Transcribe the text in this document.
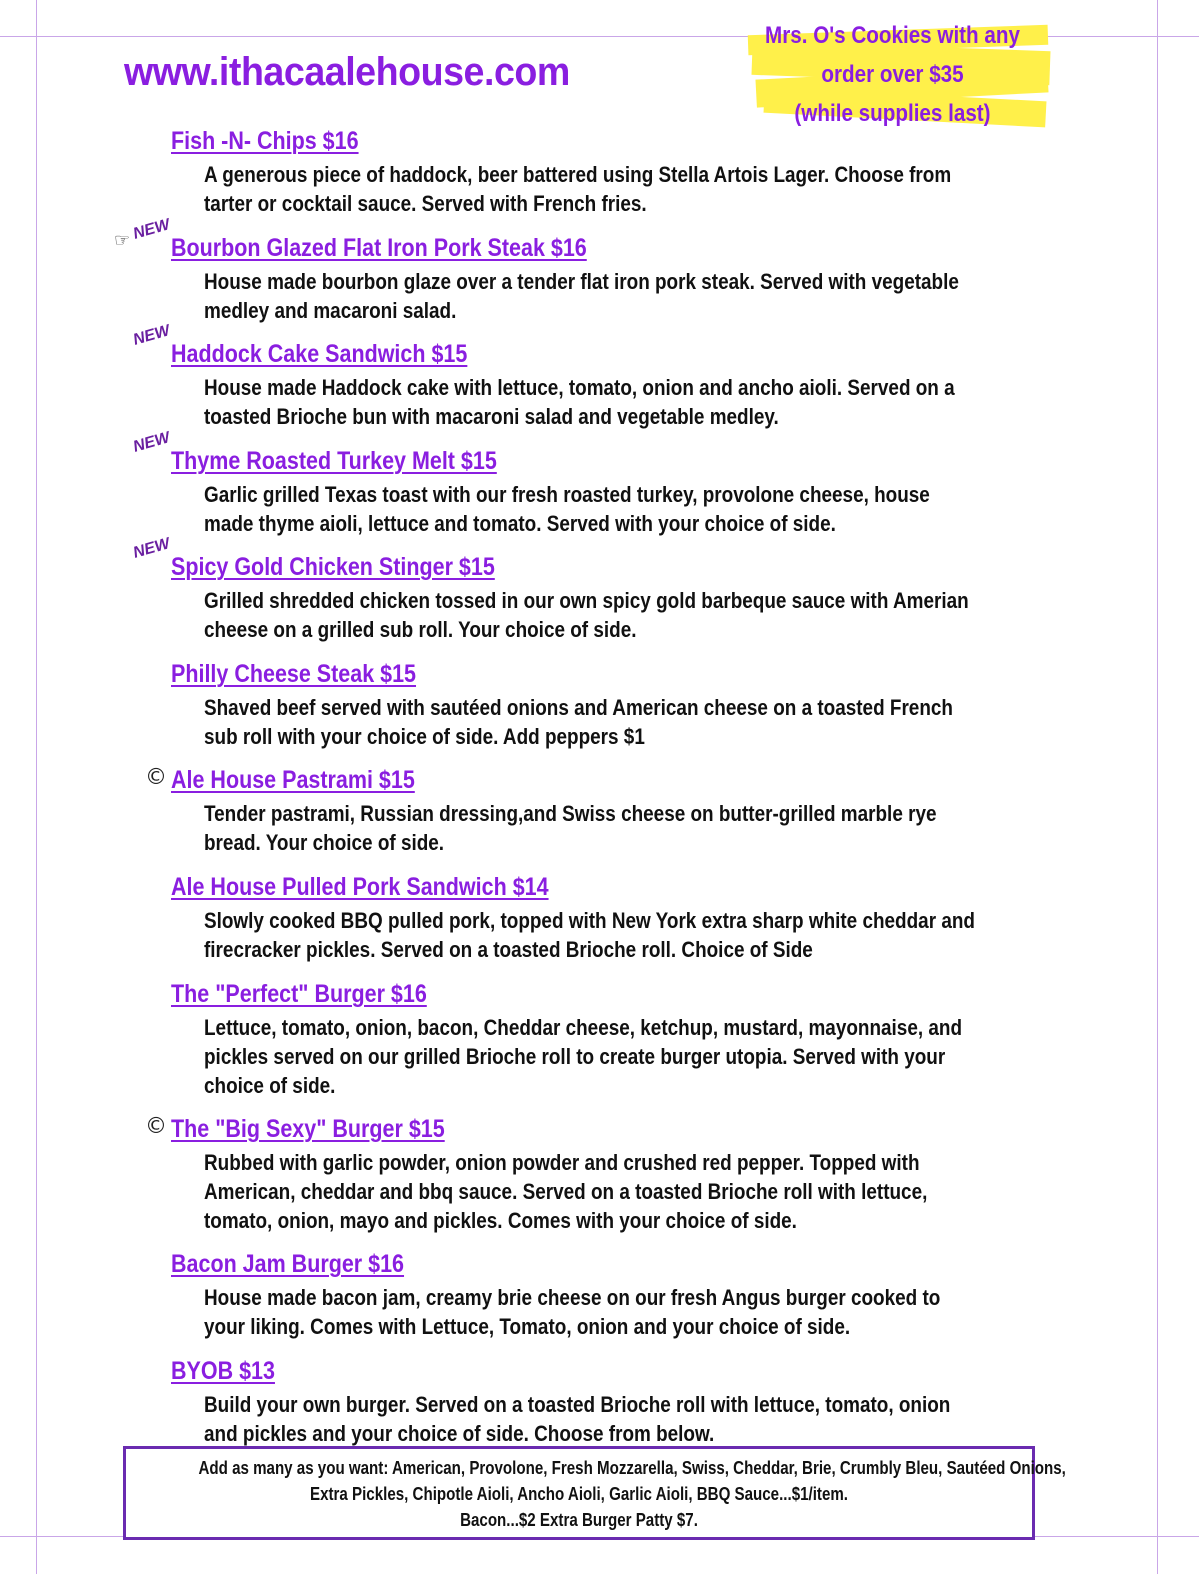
www.ithacaalehouse.com
Mrs. O's Cookies with any
order over $35
(while supplies last)
Fish -N- Chips $16

A generous piece of haddock, beer battered using Stella Artois Lager. Choose from tarter or cocktail sauce. Served with French fries.

☞ NEW
Bourbon Glazed Flat Iron Pork Steak $16

House made bourbon glaze over a tender flat iron pork steak. Served with vegetable medley and macaroni salad.

NEW
Haddock Cake Sandwich $15

House made Haddock cake with lettuce, tomato, onion and ancho aioli. Served on a toasted Brioche bun with macaroni salad and vegetable medley.

NEW
Thyme Roasted Turkey Melt $15

Garlic grilled Texas toast with our fresh roasted turkey, provolone cheese, house made thyme aioli, lettuce and tomato. Served with your choice of side.

NEW
Spicy Gold Chicken Stinger $15

Grilled shredded chicken tossed in our own spicy gold barbeque sauce with Amerian cheese on a grilled sub roll. Your choice of side.

Philly Cheese Steak $15

Shaved beef served with sautéed onions and American cheese on a toasted French sub roll with your choice of side. Add peppers $1

© Ale House Pastrami $15

Tender pastrami, Russian dressing,and Swiss cheese on butter-grilled marble rye bread. Your choice of side.

Ale House Pulled Pork Sandwich $14

Slowly cooked BBQ pulled pork, topped with New York extra sharp white cheddar and firecracker pickles. Served on a toasted Brioche roll. Choice of Side

The "Perfect" Burger $16

Lettuce, tomato, onion, bacon, Cheddar cheese, ketchup, mustard, mayonnaise, and pickles served on our grilled Brioche roll to create burger utopia. Served with your choice of side.

© The "Big Sexy" Burger $15

Rubbed with garlic powder, onion powder and crushed red pepper. Topped with American, cheddar and bbq sauce. Served on a toasted Brioche roll with lettuce, tomato, onion, mayo and pickles. Comes with your choice of side.

Bacon Jam Burger $16

House made bacon jam, creamy brie cheese on our fresh Angus burger cooked to your liking. Comes with Lettuce, Tomato, onion and your choice of side.

BYOB $13

Build your own burger. Served on a toasted Brioche roll with lettuce, tomato, onion and pickles and your choice of side. Choose from below.

Add as many as you want: American, Provolone, Fresh Mozzarella, Swiss, Cheddar, Brie, Crumbly Bleu, Sautéed Onions,

Extra Pickles, Chipotle Aioli, Ancho Aioli, Garlic Aioli, BBQ Sauce...$1/item.

Bacon...$2 Extra Burger Patty $7.
